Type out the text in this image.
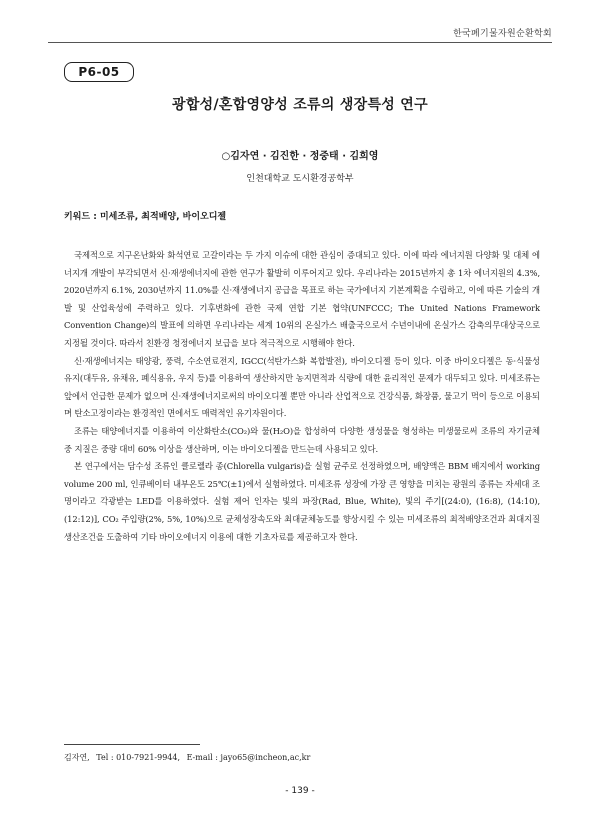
한국폐기물자원순환학회
P6-05
광합성/혼합영양성 조류의 생장특성 연구
○김자연 · 김진한 · 정중태 · 김희영
인천대학교 도시환경공학부
키워드 : 미세조류, 최적배양, 바이오디젤

국제적으로 지구온난화와 화석연료 고갈이라는 두 가지 이슈에 대한 관심이 증대되고 있다. 이에 따라 에너지원 다양화 및 대체 에너지개 개발이 부각되면서 신·재생에너지에 관한 연구가 활발히 이루어지고 있다. 우리나라는 2015년까지 총 1차 에너지원의 4.3%, 2020년까지 6.1%, 2030년까지 11.0%를 신·재생에너지 공급을 목표로 하는 국가에너지 기본계획을 수립하고, 이에 따른 기술의 개발 및 산업육성에 주력하고 있다. 기후변화에 관한 국제 연합 기본 협약(UNFCCC; The United Nations Framework Convention Change)의 발표에 의하면 우리나라는 세계 10위의 온실가스 배출국으로서 수년이내에 온실가스 감축의무대상국으로 지정될 것이다. 따라서 친환경 청정에너지 보급을 보다 적극적으로 시행해야 한다.

신·재생에너지는 태양광, 풍력, 수소연료전지, IGCC(석탄가스화 복합발전), 바이오디젤 등이 있다. 이중 바이오디젤은 동·식물성 유지(대두유, 유채유, 폐식용유, 우지 등)를 이용하여 생산하지만 농지면적과 식량에 대한 윤리적인 문제가 대두되고 있다. 미세조류는 앞에서 언급한 문제가 없으며 신·재생에너지로써의 바이오디젤 뿐만 아니라 산업적으로 건강식품, 화장품, 물고기 먹이 등으로 이용되며 탄소고정이라는 환경적인 면에서도 매력적인 유기자원이다.

조류는 태양에너지를 이용하여 이산화탄소(CO₂)와 물(H₂O)을 합성하여 다양한 생성물을 형성하는 미생물로써 조류의 자기균체 중 지질은 중량 대비 60% 이상을 생산하며, 이는 바이오디젤을 만드는데 사용되고 있다.

본 연구에서는 담수성 조류인 클로렐라 종(Chlorella vulgaris)을 실험 균주로 선정하였으며, 배양액은 BBM 배지에서 working volume 200 ml, 인큐베이터 내부온도 25℃(±1)에서 실험하였다. 미세조류 성장에 가장 큰 영향을 미치는 광원의 종류는 자세대 조명이라고 각광받는 LED를 이용하였다. 실험 제어 인자는 빛의 파장(Rad, Blue, White), 빛의 주기[(24:0), (16:8), (14:10), (12:12)], CO₂ 주입량(2%, 5%, 10%)으로 균체성장속도와 최대균체농도를 향상시킬 수 있는 미세조류의 최적배양조건과 최대지질 생산조건을 도출하여 기타 바이오에너지 이용에 대한 기초자료를 제공하고자 한다.

김자연, Tel : 010-7921-9944, E-mail : jayo65@incheon,ac,kr
- 139 -
